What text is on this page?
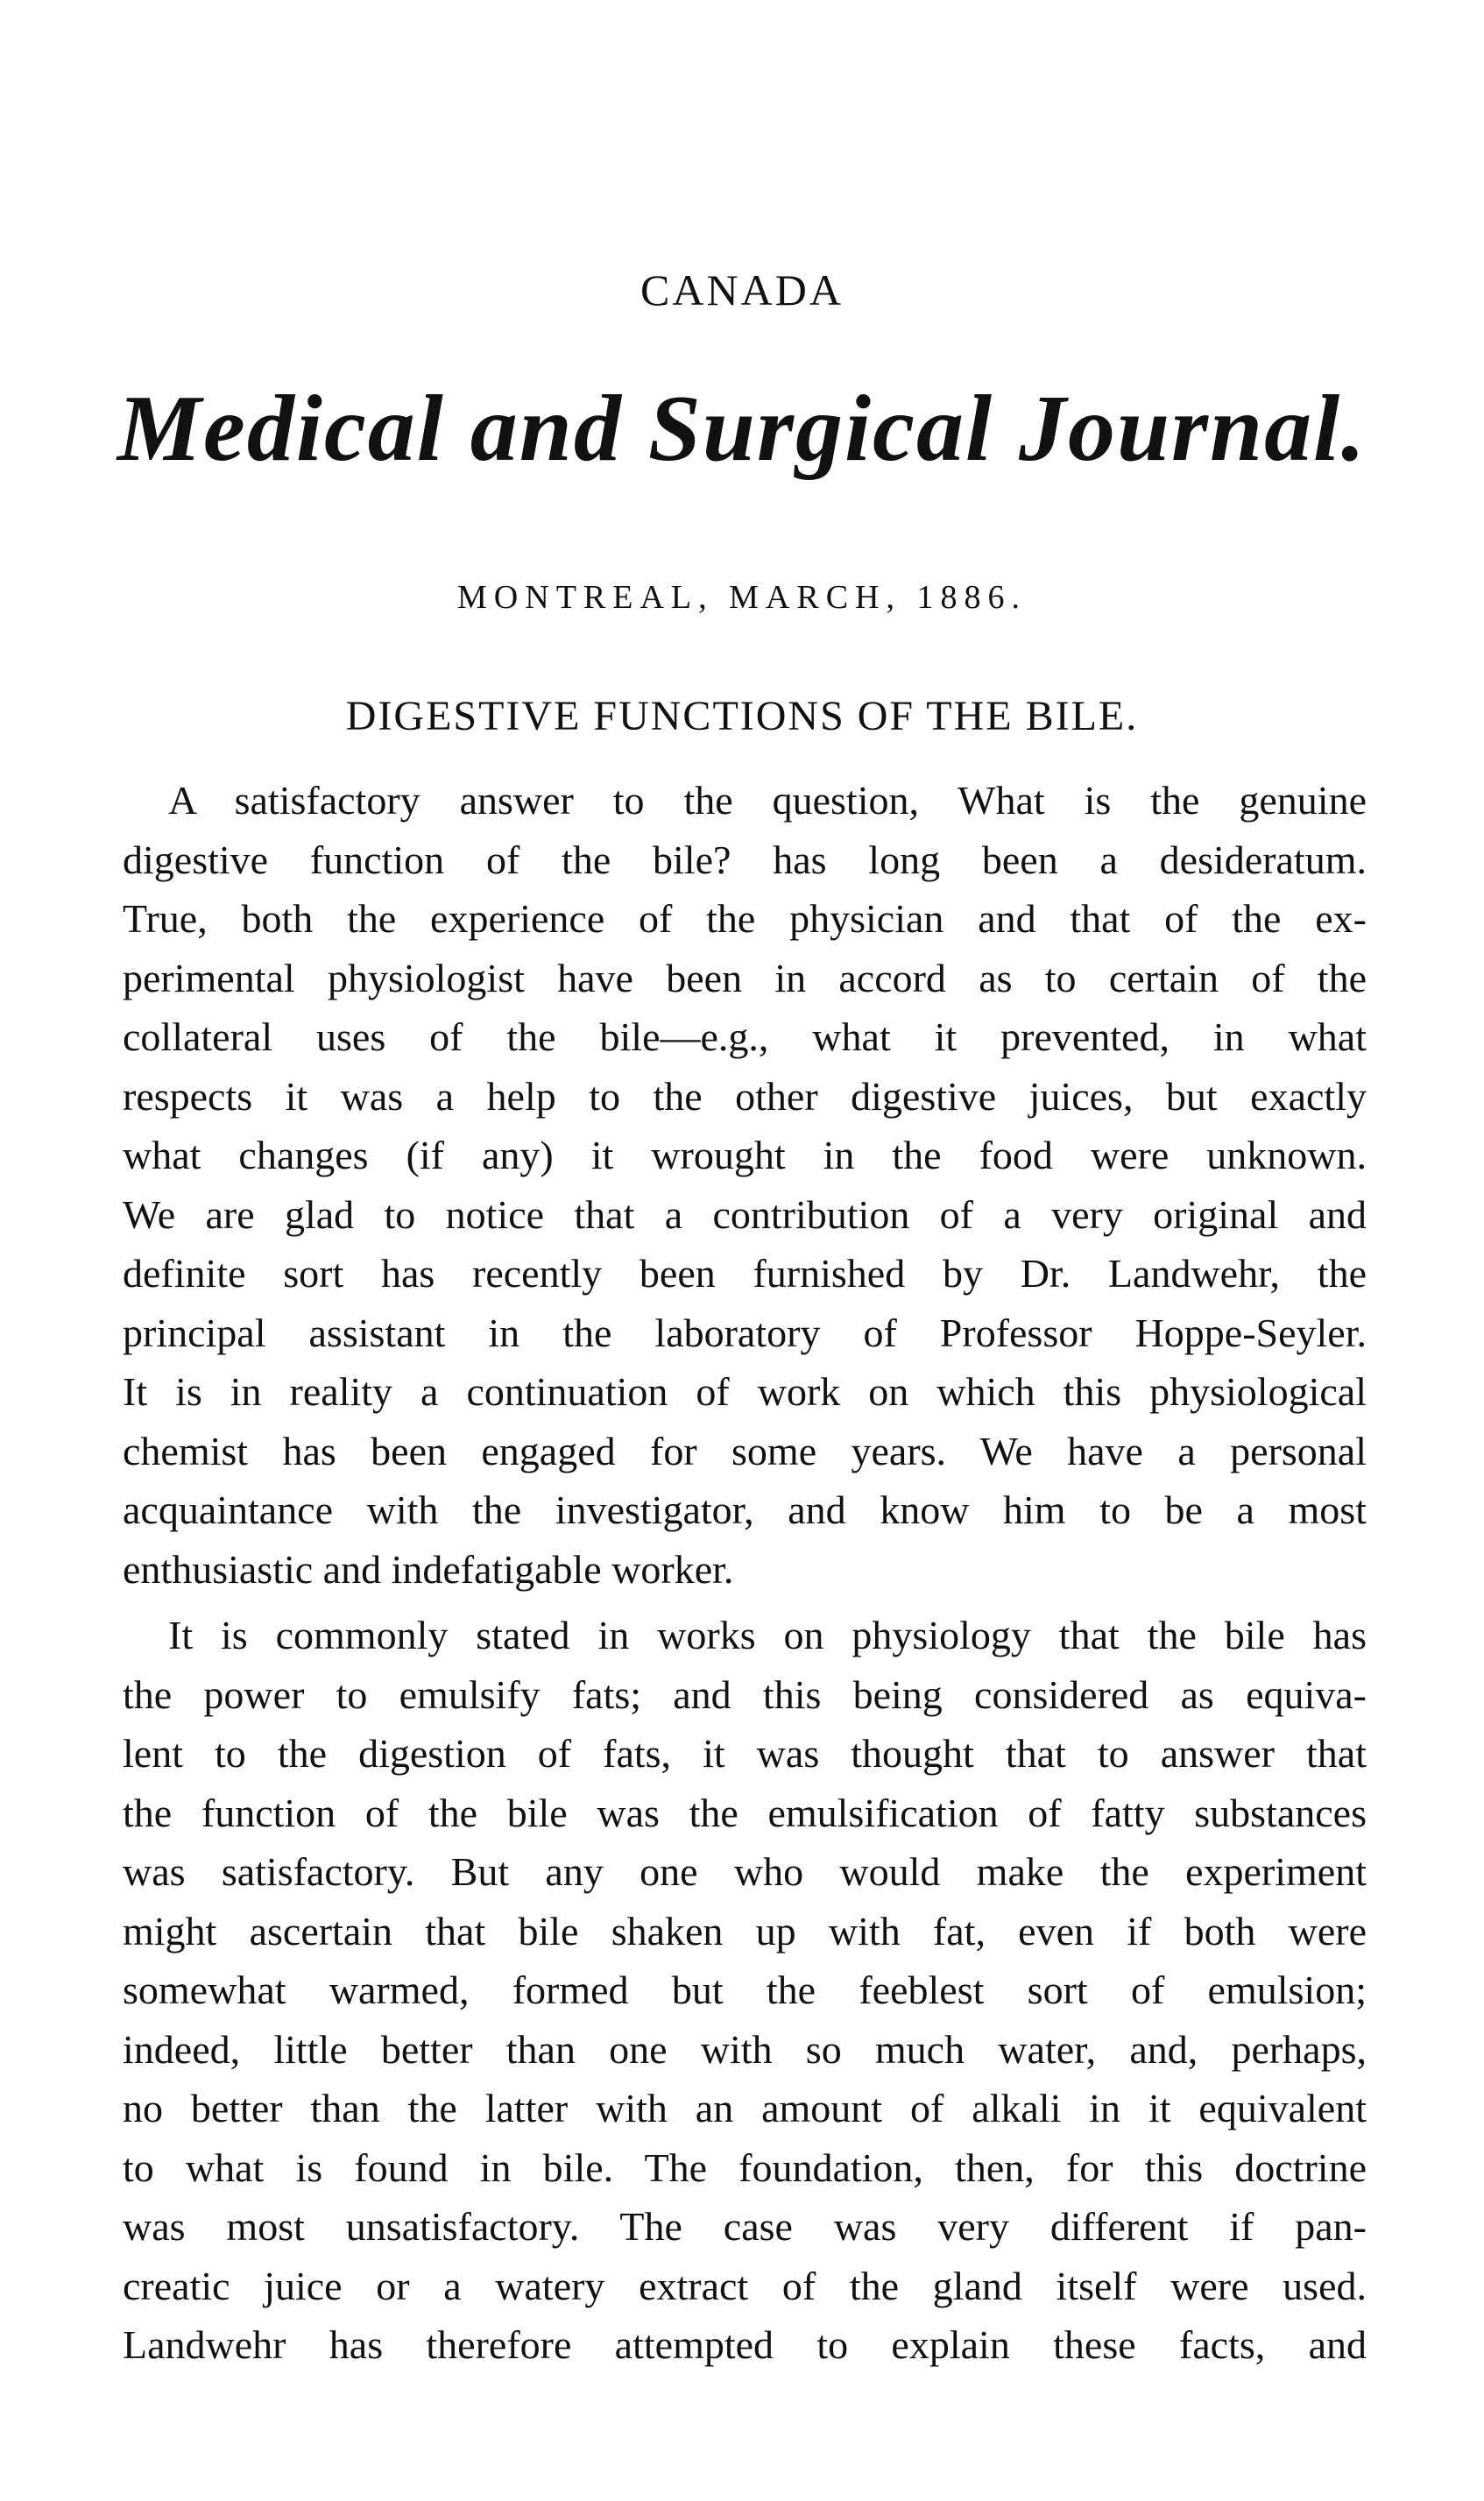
CANADA
Medical and Surgical Journal.
MONTREAL, MARCH, 1886.
DIGESTIVE FUNCTIONS OF THE BILE.
A satisfactory answer to the question, What is the genuine
digestive function of the bile? has long been a desideratum.
True, both the experience of the physician and that of the ex-
perimental physiologist have been in accord as to certain of the
collateral uses of the bile—e.g., what it prevented, in what
respects it was a help to the other digestive juices, but exactly
what changes (if any) it wrought in the food were unknown.
We are glad to notice that a contribution of a very original and
definite sort has recently been furnished by Dr. Landwehr, the
principal assistant in the laboratory of Professor Hoppe-Seyler.
It is in reality a continuation of work on which this physiological
chemist has been engaged for some years. We have a personal
acquaintance with the investigator, and know him to be a most
enthusiastic and indefatigable worker.
It is commonly stated in works on physiology that the bile has
the power to emulsify fats; and this being considered as equiva-
lent to the digestion of fats, it was thought that to answer that
the function of the bile was the emulsification of fatty substances
was satisfactory. But any one who would make the experiment
might ascertain that bile shaken up with fat, even if both were
somewhat warmed, formed but the feeblest sort of emulsion;
indeed, little better than one with so much water, and, perhaps,
no better than the latter with an amount of alkali in it equivalent
to what is found in bile. The foundation, then, for this doctrine
was most unsatisfactory. The case was very different if pan-
creatic juice or a watery extract of the gland itself were used.
Landwehr has therefore attempted to explain these facts, and
